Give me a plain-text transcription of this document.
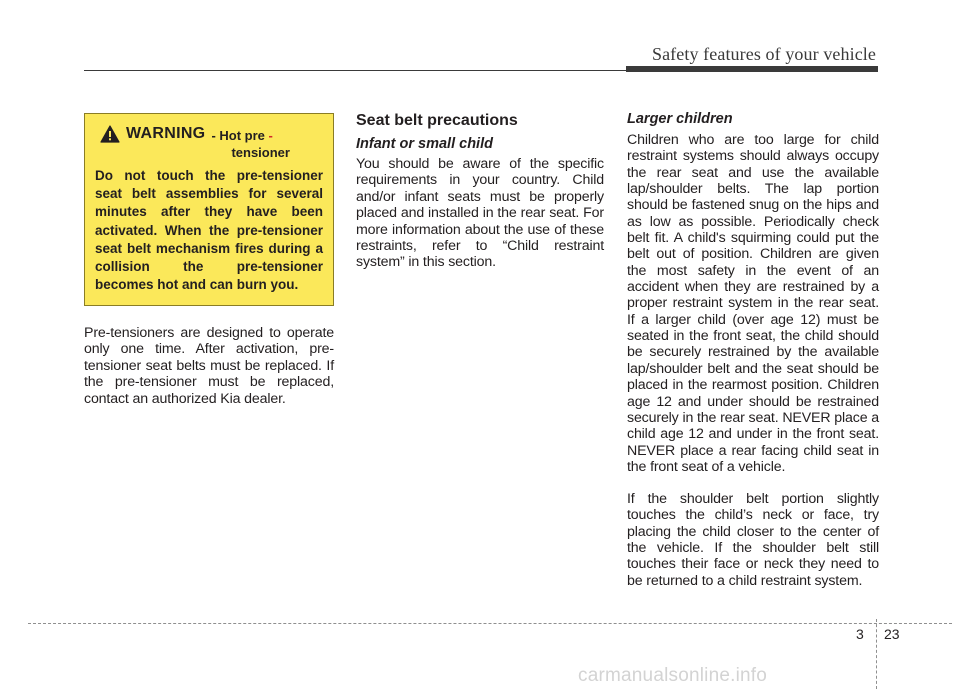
Safety features of your vehicle
WARNING - Hot pre -
tensioner

Do not touch the pre-tensioner seat belt assemblies for several minutes after they have been activated. When the pre-tensioner seat belt mechanism fires during a collision the pre-tensioner becomes hot and can burn you.

Pre-tensioners are designed to operate only one time. After activation, pre-tensioner seat belts must be replaced. If the pre-tensioner must be replaced, contact an authorized Kia dealer.

Seat belt precautions
Infant or small child

You should be aware of the specific requirements in your country. Child and/or infant seats must be properly placed and installed in the rear seat. For more information about the use of these restraints, refer to “Child restraint system” in this section.

Larger children

Children who are too large for child restraint systems should always occupy the rear seat and use the available lap/shoulder belts. The lap portion should be fastened snug on the hips and as low as possible. Periodically check belt fit. A child's squirming could put the belt out of position. Children are given the most safety in the event of an accident when they are restrained by a proper restraint system in the rear seat. If a larger child (over age 12) must be seated in the front seat, the child should be securely restrained by the available lap/shoulder belt and the seat should be placed in the rearmost position. Children age 12 and under should be restrained securely in the rear seat. NEVER place a child age 12 and under in the front seat. NEVER place a rear facing child seat in the front seat of a vehicle.

If the shoulder belt portion slightly touches the child’s neck or face, try placing the child closer to the center of the vehicle. If the shoulder belt still touches their face or neck they need to be returned to a child restraint system.

3 23
carmanualsonline.info
